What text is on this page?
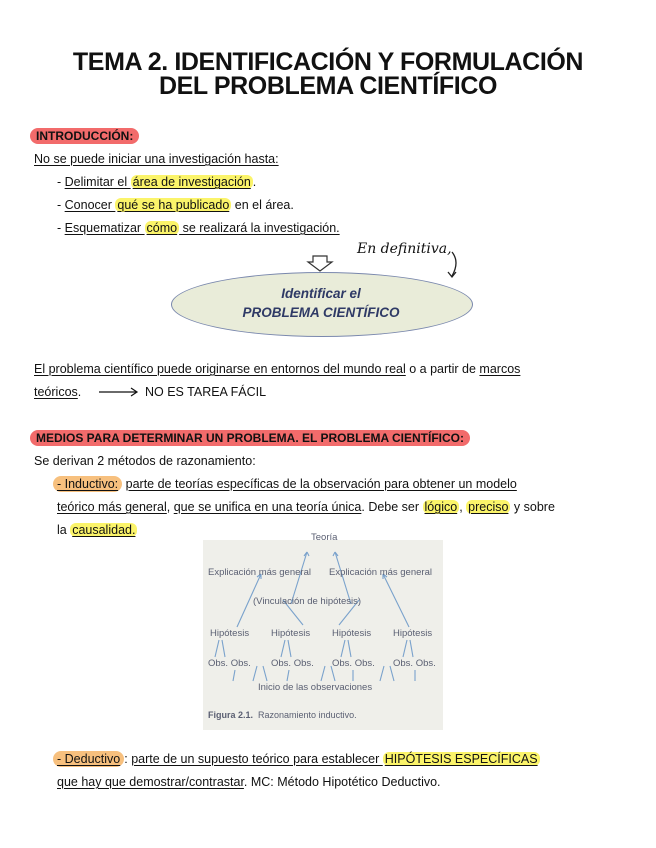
TEMA 2. IDENTIFICACIÓN Y FORMULACIÓN
DEL PROBLEMA CIENTÍFICO
INTRODUCCIÓN:
No se puede iniciar una investigación hasta:
- Delimitar el área de investigación .
- Conocer qué se ha publicado en el área.
- Esquematizar cómo se realizará la investigación.
En definitiva,
Identificar el
PROBLEMA CIENTÍFICO
El problema científico puede originarse en entornos del mundo real o a partir de marcos
teóricos.	NO ES TAREA FÁCIL
MEDIOS PARA DETERMINAR UN PROBLEMA. EL PROBLEMA CIENTÍFICO:
Se derivan 2 métodos de razonamiento:
- Inductivo: parte de teorías específicas de la observación para obtener un modelo
teórico más general, que se unifica en una teoría única. Debe ser lógico , preciso y sobre
la causalidad.
Teoría
Explicación más general Explicación más general
(Vinculación de hipótesis)
Hipótesis Hipótesis Hipótesis Hipótesis
Obs. Obs. Obs. Obs. Obs. Obs. Obs. Obs.
Inicio de las observaciones
Figura 2.1. Razonamiento inductivo.
- Deductivo : parte de un supuesto teórico para establecer HIPÓTESIS ESPECÍFICAS
que hay que demostrar/contrastar. MC: Método Hipotético Deductivo.
